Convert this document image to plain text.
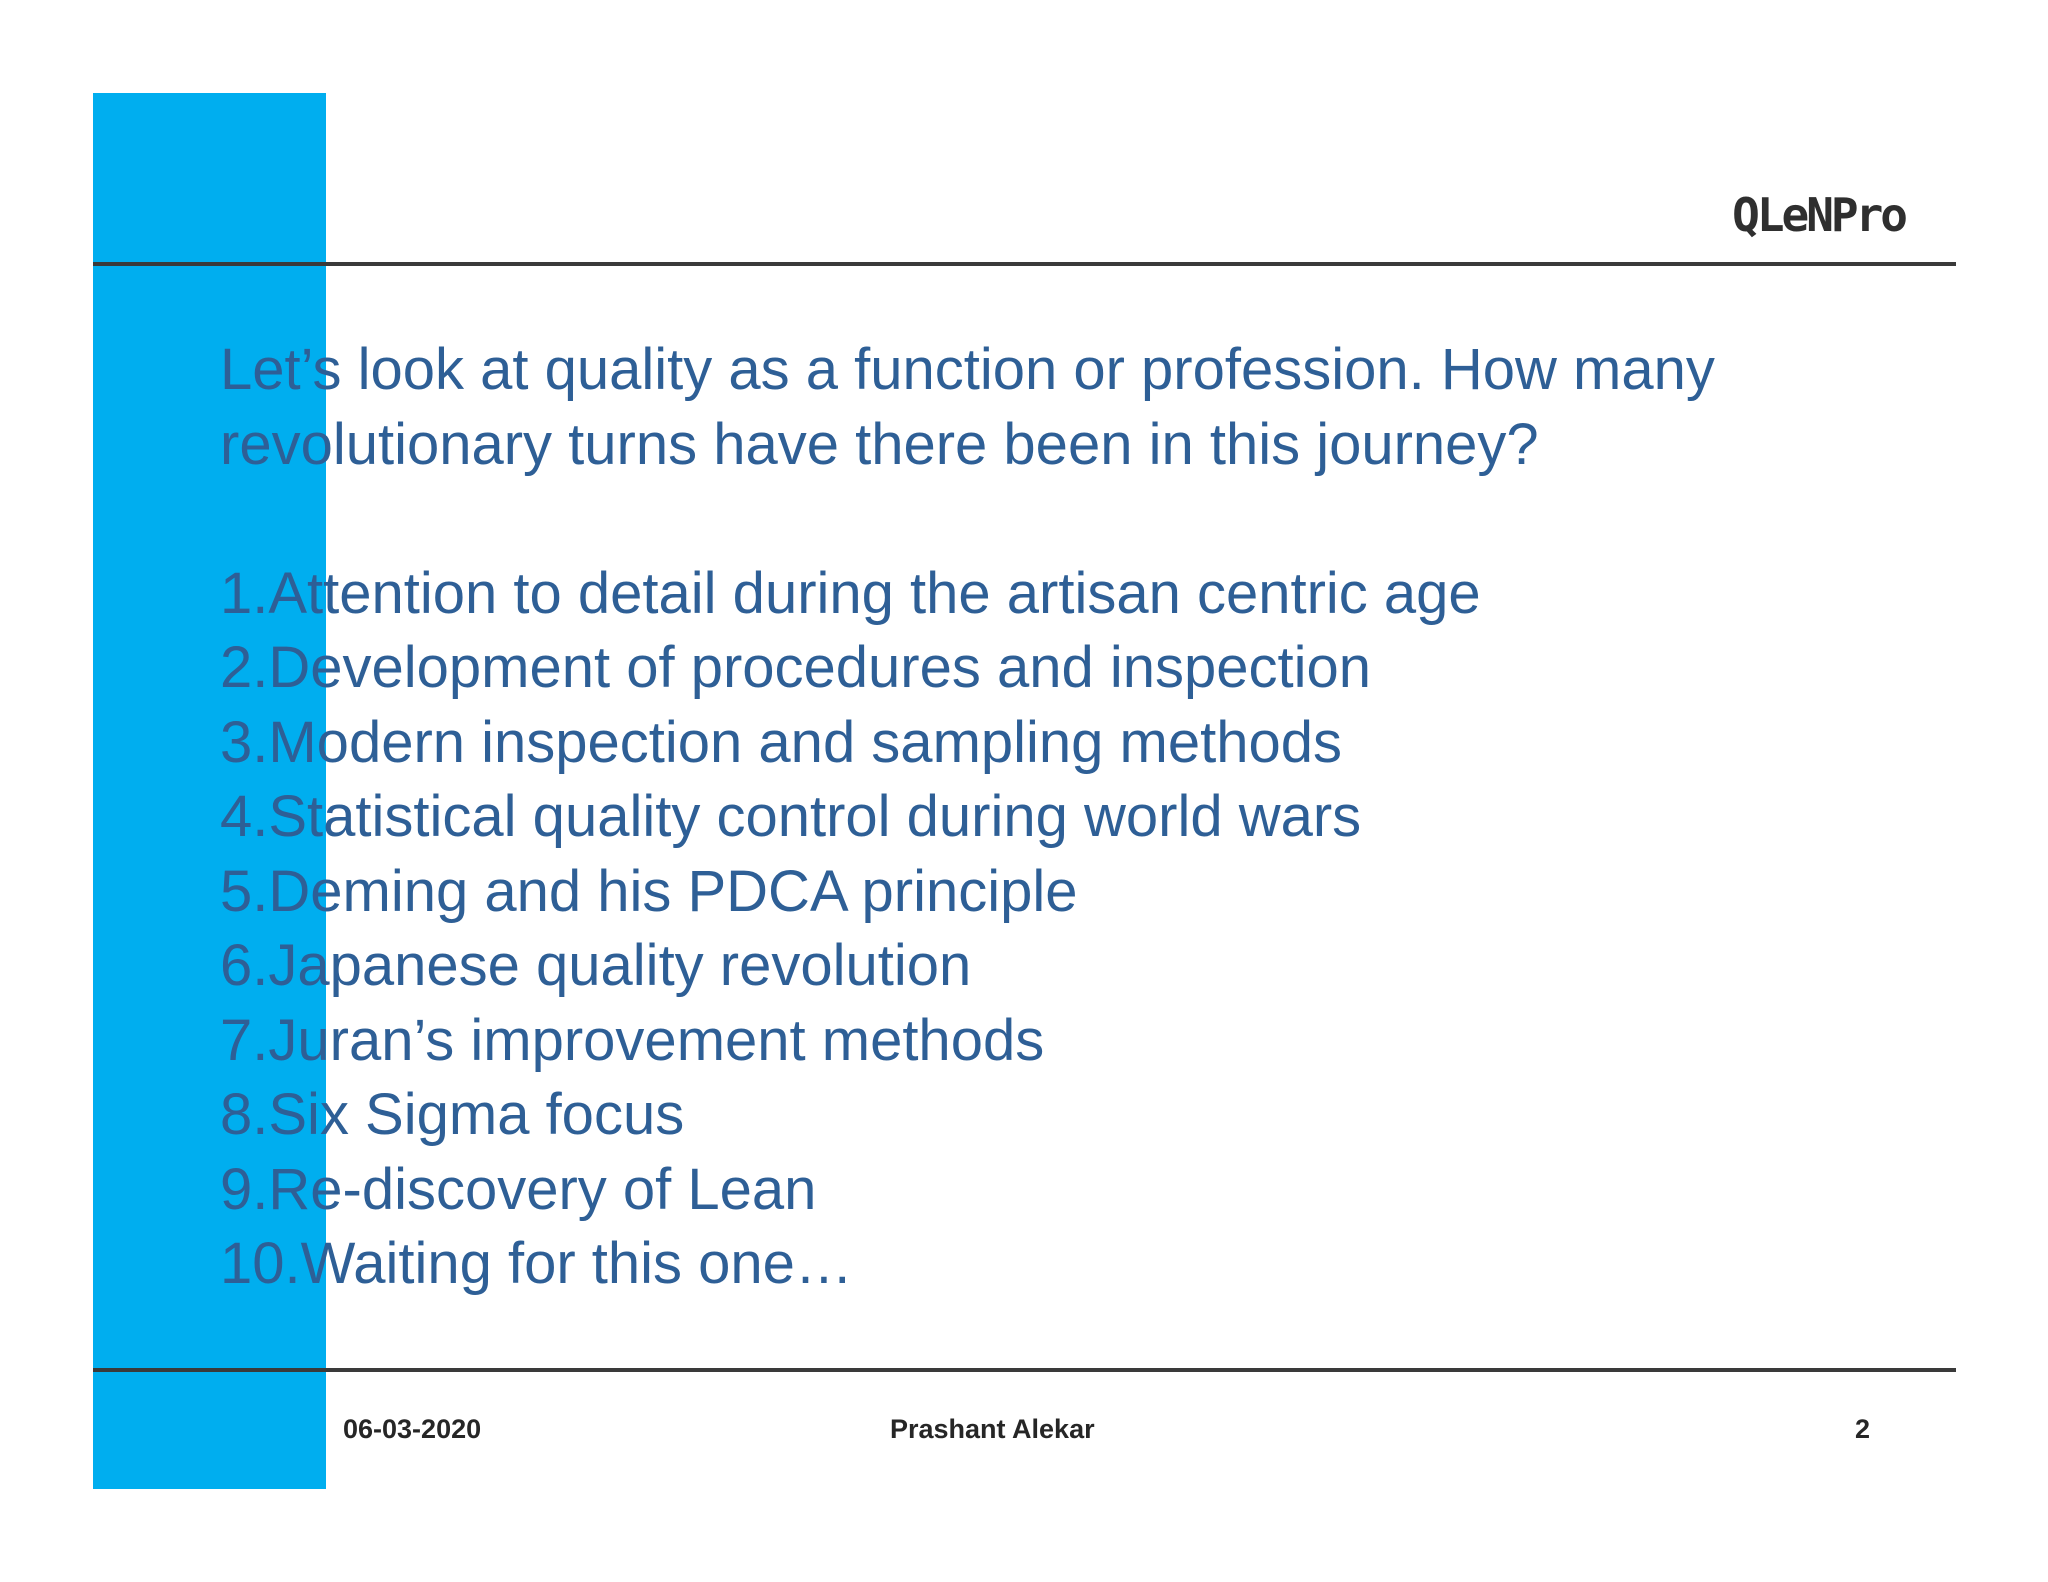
QLeNPro

Let’s look at quality as a function or profession. How many
revolutionary turns have there been in this journey?

1.Attention to detail during the artisan centric age
2.Development of procedures and inspection
3.Modern inspection and sampling methods
4.Statistical quality control during world wars
5.Deming and his PDCA principle
6.Japanese quality revolution
7.Juran’s improvement methods
8.Six Sigma focus
9.Re-discovery of Lean
10.Waiting for this one…
06-03-2020	Prashant Alekar	2
